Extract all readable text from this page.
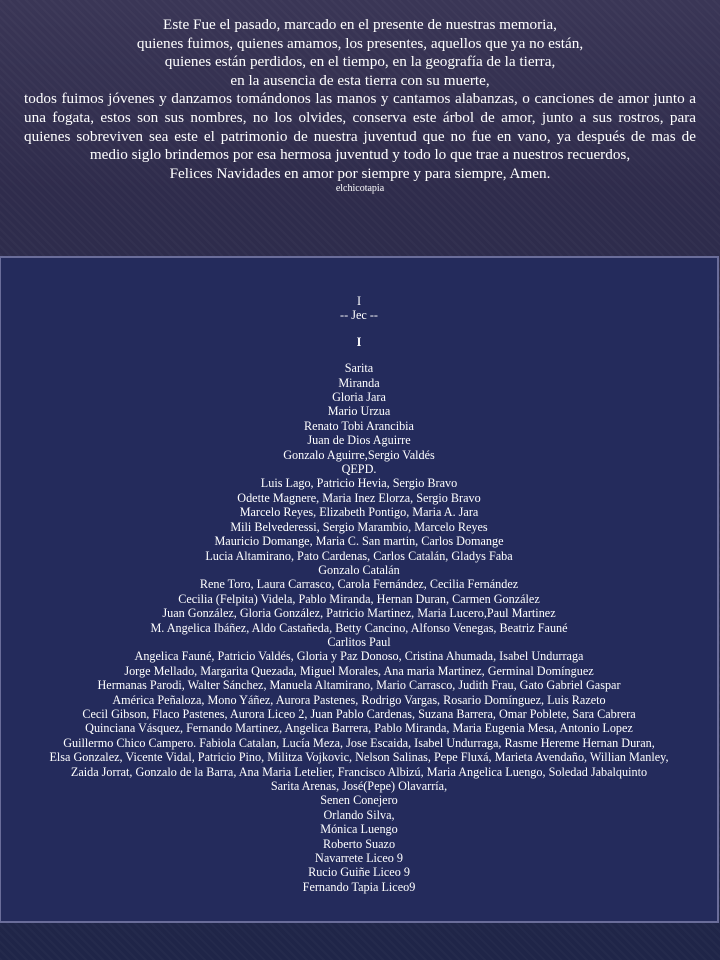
Este Fue el pasado, marcado en el presente de nuestras memoria,
quienes fuimos, quienes amamos, los presentes, aquellos que ya no están,
quienes están perdidos, en el tiempo, en la geografía de la tierra,
en la ausencia de esta tierra con su muerte,
todos fuimos jóvenes y danzamos tomándonos las manos y cantamos alabanzas, o canciones de amor junto a una fogata, estos son sus nombres, no los olvides, conserva este árbol de amor, junto a sus rostros, para quienes sobreviven sea este el patrimonio de nuestra juventud que no fue en vano, ya después de mas de medio siglo brindemos por esa hermosa juventud y todo lo que trae a nuestros recuerdos,
Felices Navidades en amor por siempre y para siempre, Amen.
elchicotapia
I
-- Jec --
I
Sarita
Miranda
Gloria Jara
Mario Urzua
Renato Tobi Arancibia
Juan de Dios Aguirre
Gonzalo Aguirre,Sergio Valdés
QEPD.
Luis Lago, Patricio Hevia, Sergio Bravo
Odette Magnere, Maria Inez Elorza, Sergio Bravo
Marcelo Reyes, Elizabeth Pontigo, Maria A. Jara
Mili Belvederessi, Sergio Marambio, Marcelo Reyes
Mauricio Domange, Maria C. San martin, Carlos Domange
Lucia Altamirano, Pato Cardenas, Carlos Catalán, Gladys Faba
Gonzalo Catalán
Rene Toro, Laura Carrasco, Carola Fernández, Cecilia Fernández
Cecilia (Felpita) Videla, Pablo Miranda, Hernan Duran, Carmen González
Juan González, Gloria González, Patricio Martinez, Maria Lucero,Paul Martinez
M. Angelica Ibáñez, Aldo Castañeda, Betty Cancino, Alfonso Venegas, Beatriz Fauné
Carlitos Paul
Angelica Fauné, Patricio Valdés, Gloria y Paz Donoso, Cristina Ahumada, Isabel Undurraga
Jorge Mellado, Margarita Quezada, Miguel Morales, Ana maria Martinez, Germinal Domínguez
Hermanas Parodi, Walter Sánchez, Manuela Altamirano, Mario Carrasco, Judith Frau, Gato Gabriel Gaspar
América Peñaloza, Mono Yáñez, Aurora Pastenes, Rodrigo Vargas, Rosario Domínguez, Luis Razeto
Cecil Gibson, Flaco Pastenes, Aurora Liceo 2, Juan Pablo Cardenas, Suzana Barrera, Omar Poblete, Sara Cabrera
Quinciana Vásquez, Fernando Martinez, Angelica Barrera, Pablo Miranda, Maria Eugenia Mesa, Antonio Lopez
Guillermo Chico Campero. Fabiola Catalan, Lucía Meza, Jose Escaida, Isabel Undurraga, Rasme Hereme Hernan Duran,
Elsa Gonzalez, Vicente Vidal, Patricio Pino, Militza Vojkovic, Nelson Salinas, Pepe Fluxá, Marieta Avendaño, Willian Manley,
Zaida Jorrat, Gonzalo de la Barra, Ana Maria Letelier, Francisco Albizú, Maria Angelica Luengo, Soledad Jabalquinto
Sarita Arenas, José(Pepe) Olavarría,
Senen Conejero
Orlando Silva,
Mónica Luengo
Roberto Suazo
Navarrete Liceo 9
Rucio Guiñe Liceo 9
Fernando Tapia Liceo9
